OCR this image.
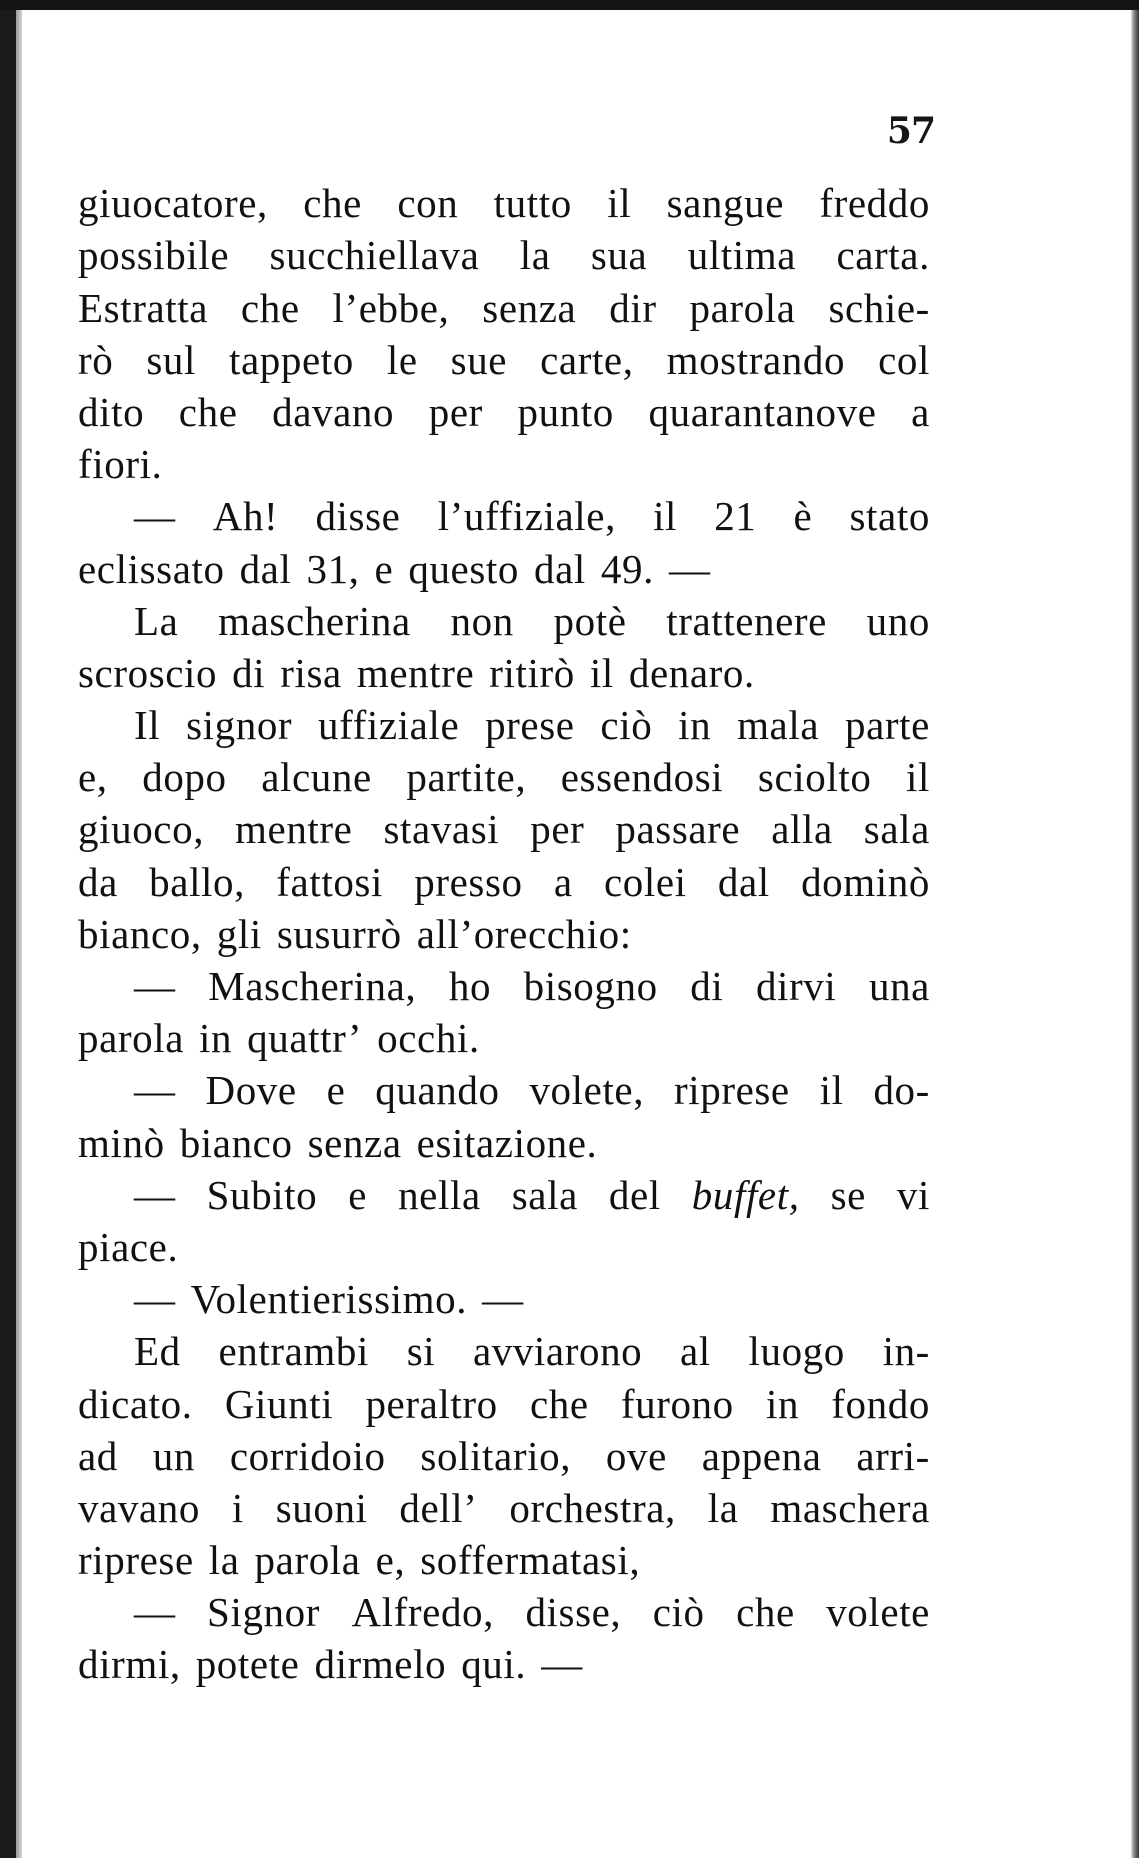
57
giuocatore, che con tutto il sangue freddo
possibile succhiellava la sua ultima carta.
Estratta che l’ebbe, senza dir parola schie-
rò sul tappeto le sue carte, mostrando col
dito che davano per punto quarantanove a
fiori.
— Ah! disse l’uffiziale, il 21 è stato
eclissato dal 31, e questo dal 49. —
La mascherina non potè trattenere uno
scroscio di risa mentre ritirò il denaro.
Il signor uffiziale prese ciò in mala parte
e, dopo alcune partite, essendosi sciolto il
giuoco, mentre stavasi per passare alla sala
da ballo, fattosi presso a colei dal dominò
bianco, gli susurrò all’orecchio:
— Mascherina, ho bisogno di dirvi una
parola in quattr’ occhi.
— Dove e quando volete, riprese il do-
minò bianco senza esitazione.
— Subito e nella sala del buffet, se vi
piace.
— Volentierissimo. —
Ed entrambi si avviarono al luogo in-
dicato. Giunti peraltro che furono in fondo
ad un corridoio solitario, ove appena arri-
vavano i suoni dell’ orchestra, la maschera
riprese la parola e, soffermatasi,
— Signor Alfredo, disse, ciò che volete
dirmi, potete dirmelo qui. —
